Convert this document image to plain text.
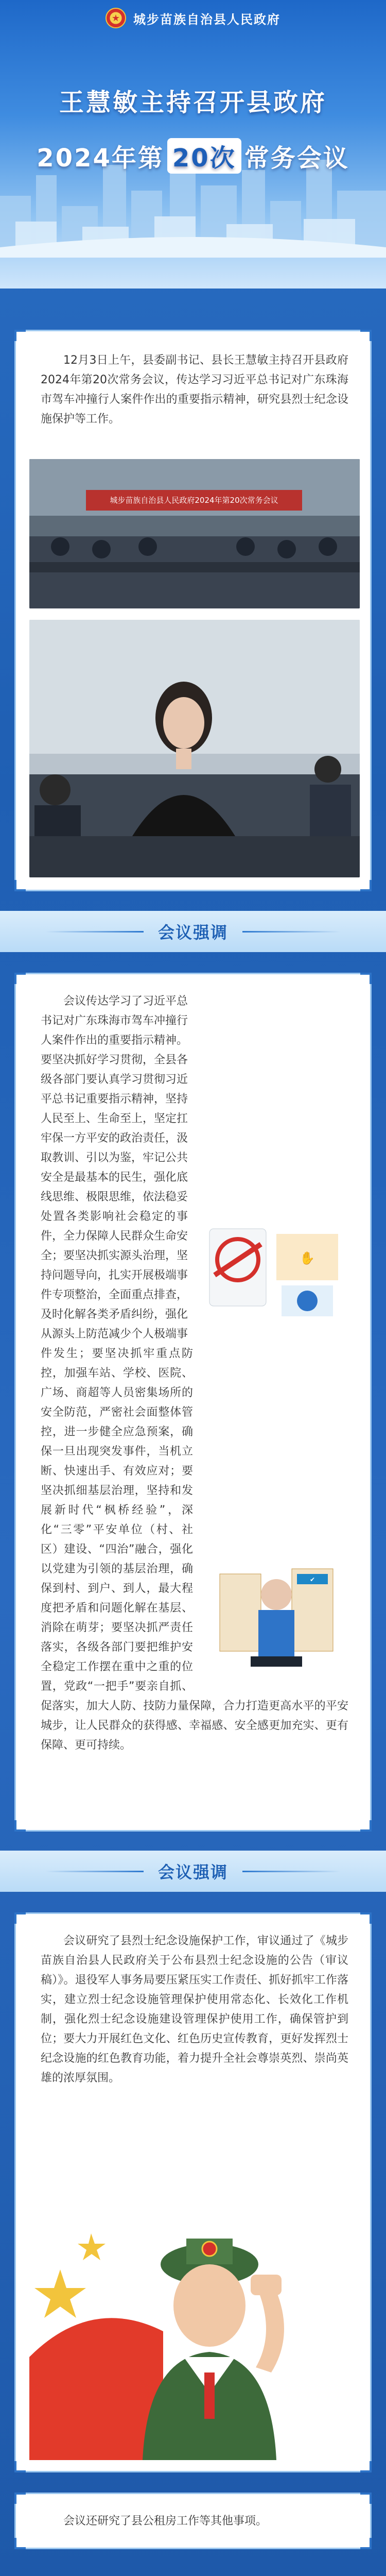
★	城步苗族自治县人民政府
王慧敏主持召开县政府
2024年第 20次 常务会议

12月3日上午，县委副书记、县长王慧敏主持召开县政府2024年第20次常务会议，传达学习习近平总书记对广东珠海市驾车冲撞行人案件作出的重要指示精神，研究县烈士纪念设施保护等工作。

城步苗族自治县人民政府2024年第20次常务会议
会议强调
✋
✔

会议传达学习了习近平总书记对广东珠海市驾车冲撞行人案件作出的重要指示精神。要坚决抓好学习贯彻，全县各级各部门要认真学习贯彻习近平总书记重要指示精神，坚持人民至上、生命至上，坚定扛牢保一方平安的政治责任，汲取教训、引以为鉴，牢记公共安全是最基本的民生，强化底线思维、极限思维，依法稳妥处置各类影响社会稳定的事件，全力保障人民群众生命安全；要坚决抓实源头治理，坚持问题导向，扎实开展极端事件专项整治，全面重点排查，及时化解各类矛盾纠纷，强化从源头上防范减少个人极端事件发生；要坚决抓牢重点防控，加强车站、学校、医院、广场、商超等人员密集场所的安全防范，严密社会面整体管控，进一步健全应急预案，确保一旦出现突发事件，当机立断、快速出手、有效应对；要坚决抓细基层治理，坚持和发展新时代“枫桥经验”，深化“三零”平安单位（村、社区）建设、“四治”融合，强化以党建为引领的基层治理，确保到村、到户、到人，最大程度把矛盾和问题化解在基层、消除在萌芽；要坚决抓严责任落实，各级各部门要把维护安全稳定工作摆在重中之重的位置，党政“一把手”要亲自抓、促落实，加大人防、技防力量保障，合力打造更高水平的平安城步，让人民群众的获得感、幸福感、安全感更加充实、更有保障、更可持续。

会议强调

会议研究了县烈士纪念设施保护工作，审议通过了《城步苗族自治县人民政府关于公布县烈士纪念设施的公告（审议稿）》。退役军人事务局要压紧压实工作责任、抓好抓牢工作落实，建立烈士纪念设施管理保护使用常态化、长效化工作机制，强化烈士纪念设施建设管理保护使用工作，确保管护到位；要大力开展红色文化、红色历史宣传教育，更好发挥烈士纪念设施的红色教育功能，着力提升全社会尊崇英烈、崇尚英雄的浓厚氛围。

会议还研究了县公租房工作等其他事项。
